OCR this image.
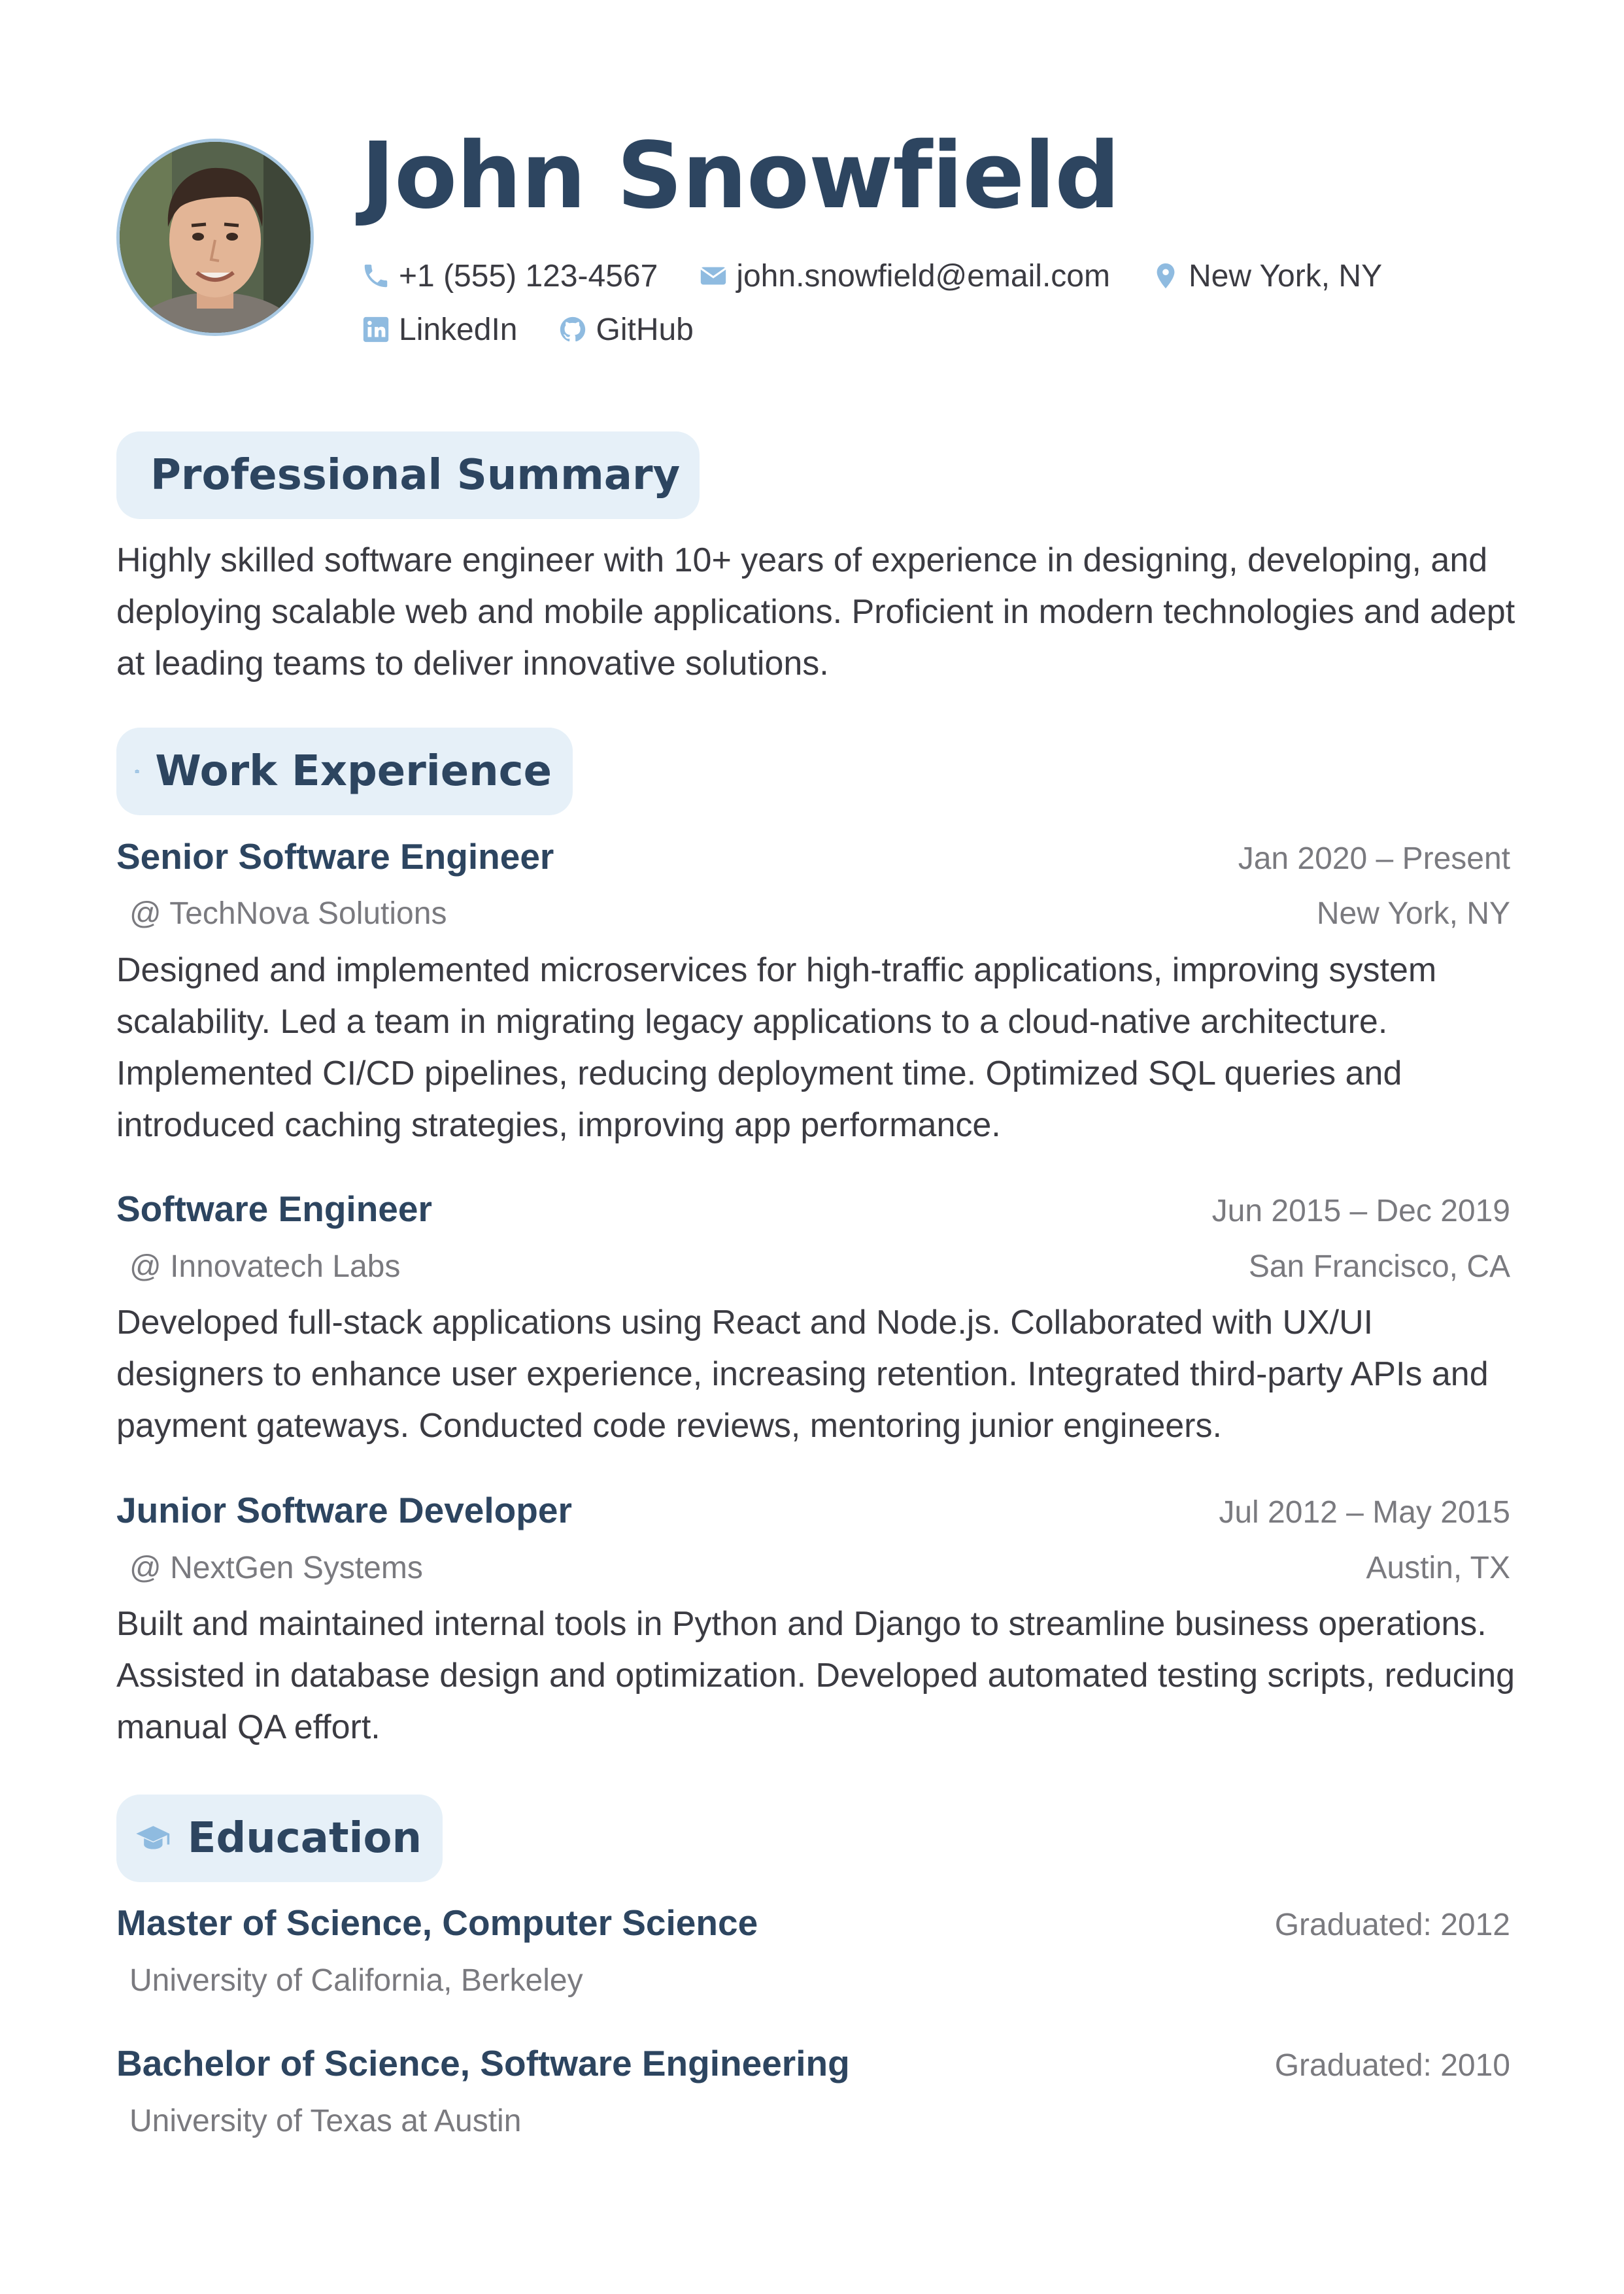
John Snowfield
+1 (555) 123-4567	john.snowfield@email.com	New York, NY
LinkedIn	GitHub
Professional Summary
Highly skilled software engineer with 10+ years of experience in designing, developing, and deploying scalable web and mobile applications. Proficient in modern technologies and adept at leading teams to deliver innovative solutions.
Work Experience
Senior Software Engineer	Jan 2020 – Present
@ TechNova Solutions	New York, NY
Designed and implemented microservices for high-traffic applications, improving system scalability. Led a team in migrating legacy applications to a cloud-native architecture. Implemented CI/CD pipelines, reducing deployment time. Optimized SQL queries and introduced caching strategies, improving app performance.
Software Engineer	Jun 2015 – Dec 2019
@ Innovatech Labs	San Francisco, CA
Developed full-stack applications using React and Node.js. Collaborated with UX/UI designers to enhance user experience, increasing retention. Integrated third-party APIs and payment gateways. Conducted code reviews, mentoring junior engineers.
Junior Software Developer	Jul 2012 – May 2015
@ NextGen Systems	Austin, TX
Built and maintained internal tools in Python and Django to streamline business operations. Assisted in database design and optimization. Developed automated testing scripts, reducing manual QA effort.
Education
Master of Science, Computer Science	Graduated: 2012
University of California, Berkeley
Bachelor of Science, Software Engineering	Graduated: 2010
University of Texas at Austin
